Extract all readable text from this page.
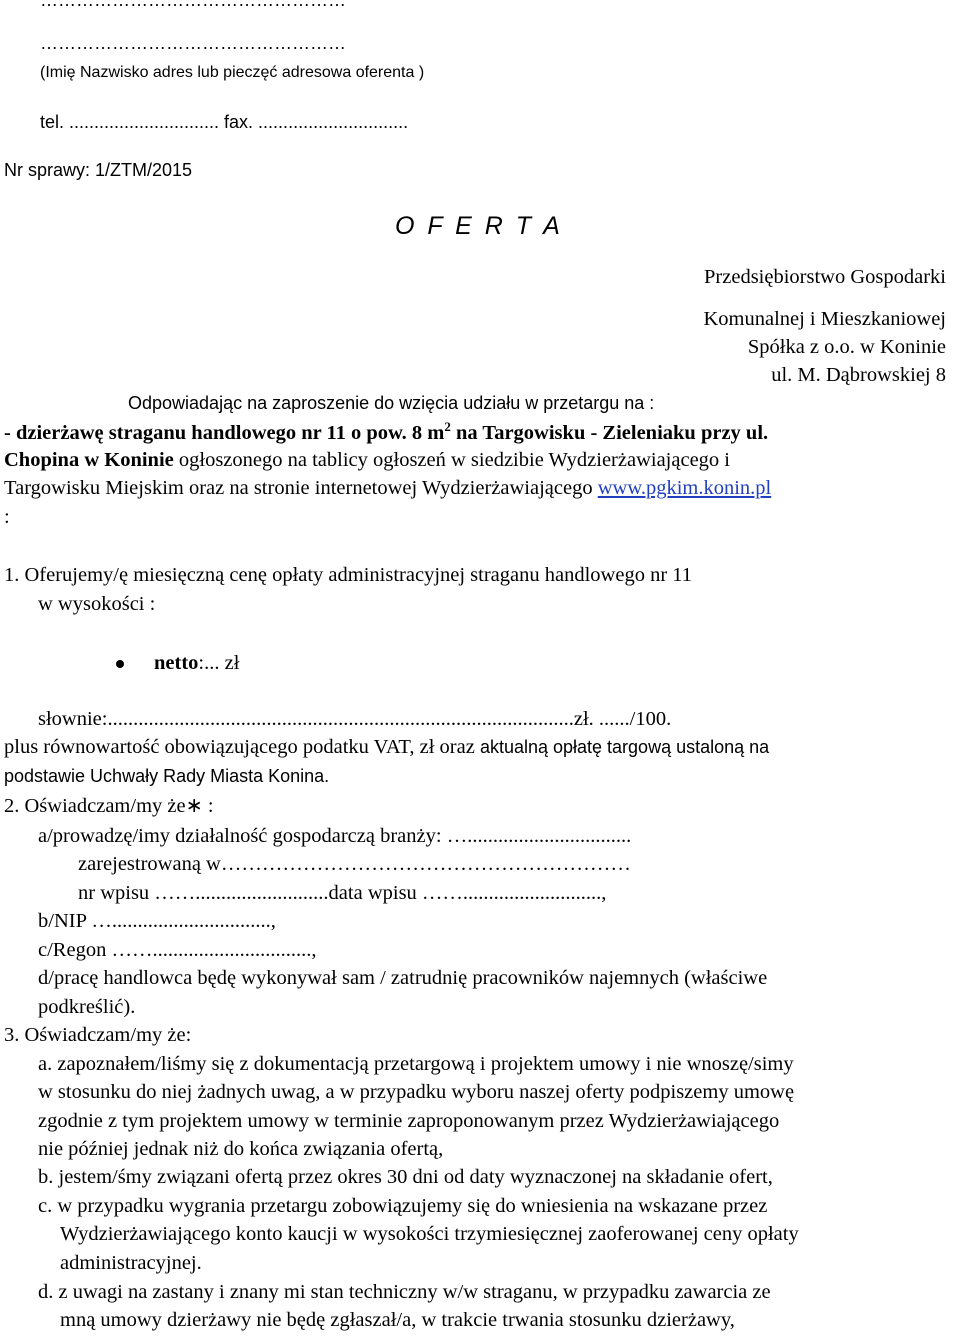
……………………………………………
……………………………………………
(Imię Nazwisko adres lub pieczęć adresowa oferenta )
tel. .............................. fax. ..............................
Nr sprawy: 1/ZTM/2015
O F E R T A
Przedsiębiorstwo Gospodarki
Komunalnej i Mieszkaniowej
Spółka z o.o. w Koninie
ul. M. Dąbrowskiej 8
Odpowiadając na zaproszenie do wzięcia udziału w przetargu na :
- dzierżawę straganu handlowego nr 11 o pow. 8 $m^2$ na Targowisku - Zieleniaku przy ul.
Chopina w Koninie ogłoszonego na tablicy ogłoszeń w siedzibie Wydzierżawiającego i
Targowisku Miejskim oraz na stronie internetowej Wydzierżawiającego www.pgkim.konin.pl
:
1. Oferujemy/ę miesięczną cenę opłaty administracyjnej straganu handlowego nr 11
w wysokości :
netto:... zł
słownie:...........................................................................................zł. ....../100.
plus równowartość obowiązującego podatku VAT, zł oraz aktualną opłatę targową ustaloną na
podstawie Uchwały Rady Miasta Konina.
2. Oświadczam/my że∗ :
a/prowadzę/imy działalność gospodarczą branży: …................................
zarejestrowaną w……………………………………………………
nr wpisu ……..........................data wpisu ……...........................,
b/NIP …...............................,
c/Regon ……...............................,
d/pracę handlowca będę wykonywał sam / zatrudnię pracowników najemnych (właściwe
podkreślić).
3. Oświadczam/my że:
a. zapoznałem/liśmy się z dokumentacją przetargową i projektem umowy i nie wnoszę/simy
w stosunku do niej żadnych uwag, a w przypadku wyboru naszej oferty podpiszemy umowę
zgodnie z tym projektem umowy w terminie zaproponowanym przez Wydzierżawiającego
nie później jednak niż do końca związania ofertą,
b. jestem/śmy związani ofertą przez okres 30 dni od daty wyznaczonej na składanie ofert,
c. w przypadku wygrania przetargu zobowiązujemy się do wniesienia na wskazane przez
Wydzierżawiającego konto kaucji w wysokości trzymiesięcznej zaoferowanej ceny opłaty
administracyjnej.
d. z uwagi na zastany i znany mi stan techniczny w/w straganu, w przypadku zawarcia ze
mną umowy dzierżawy nie będę zgłaszał/a, w trakcie trwania stosunku dzierżawy,
